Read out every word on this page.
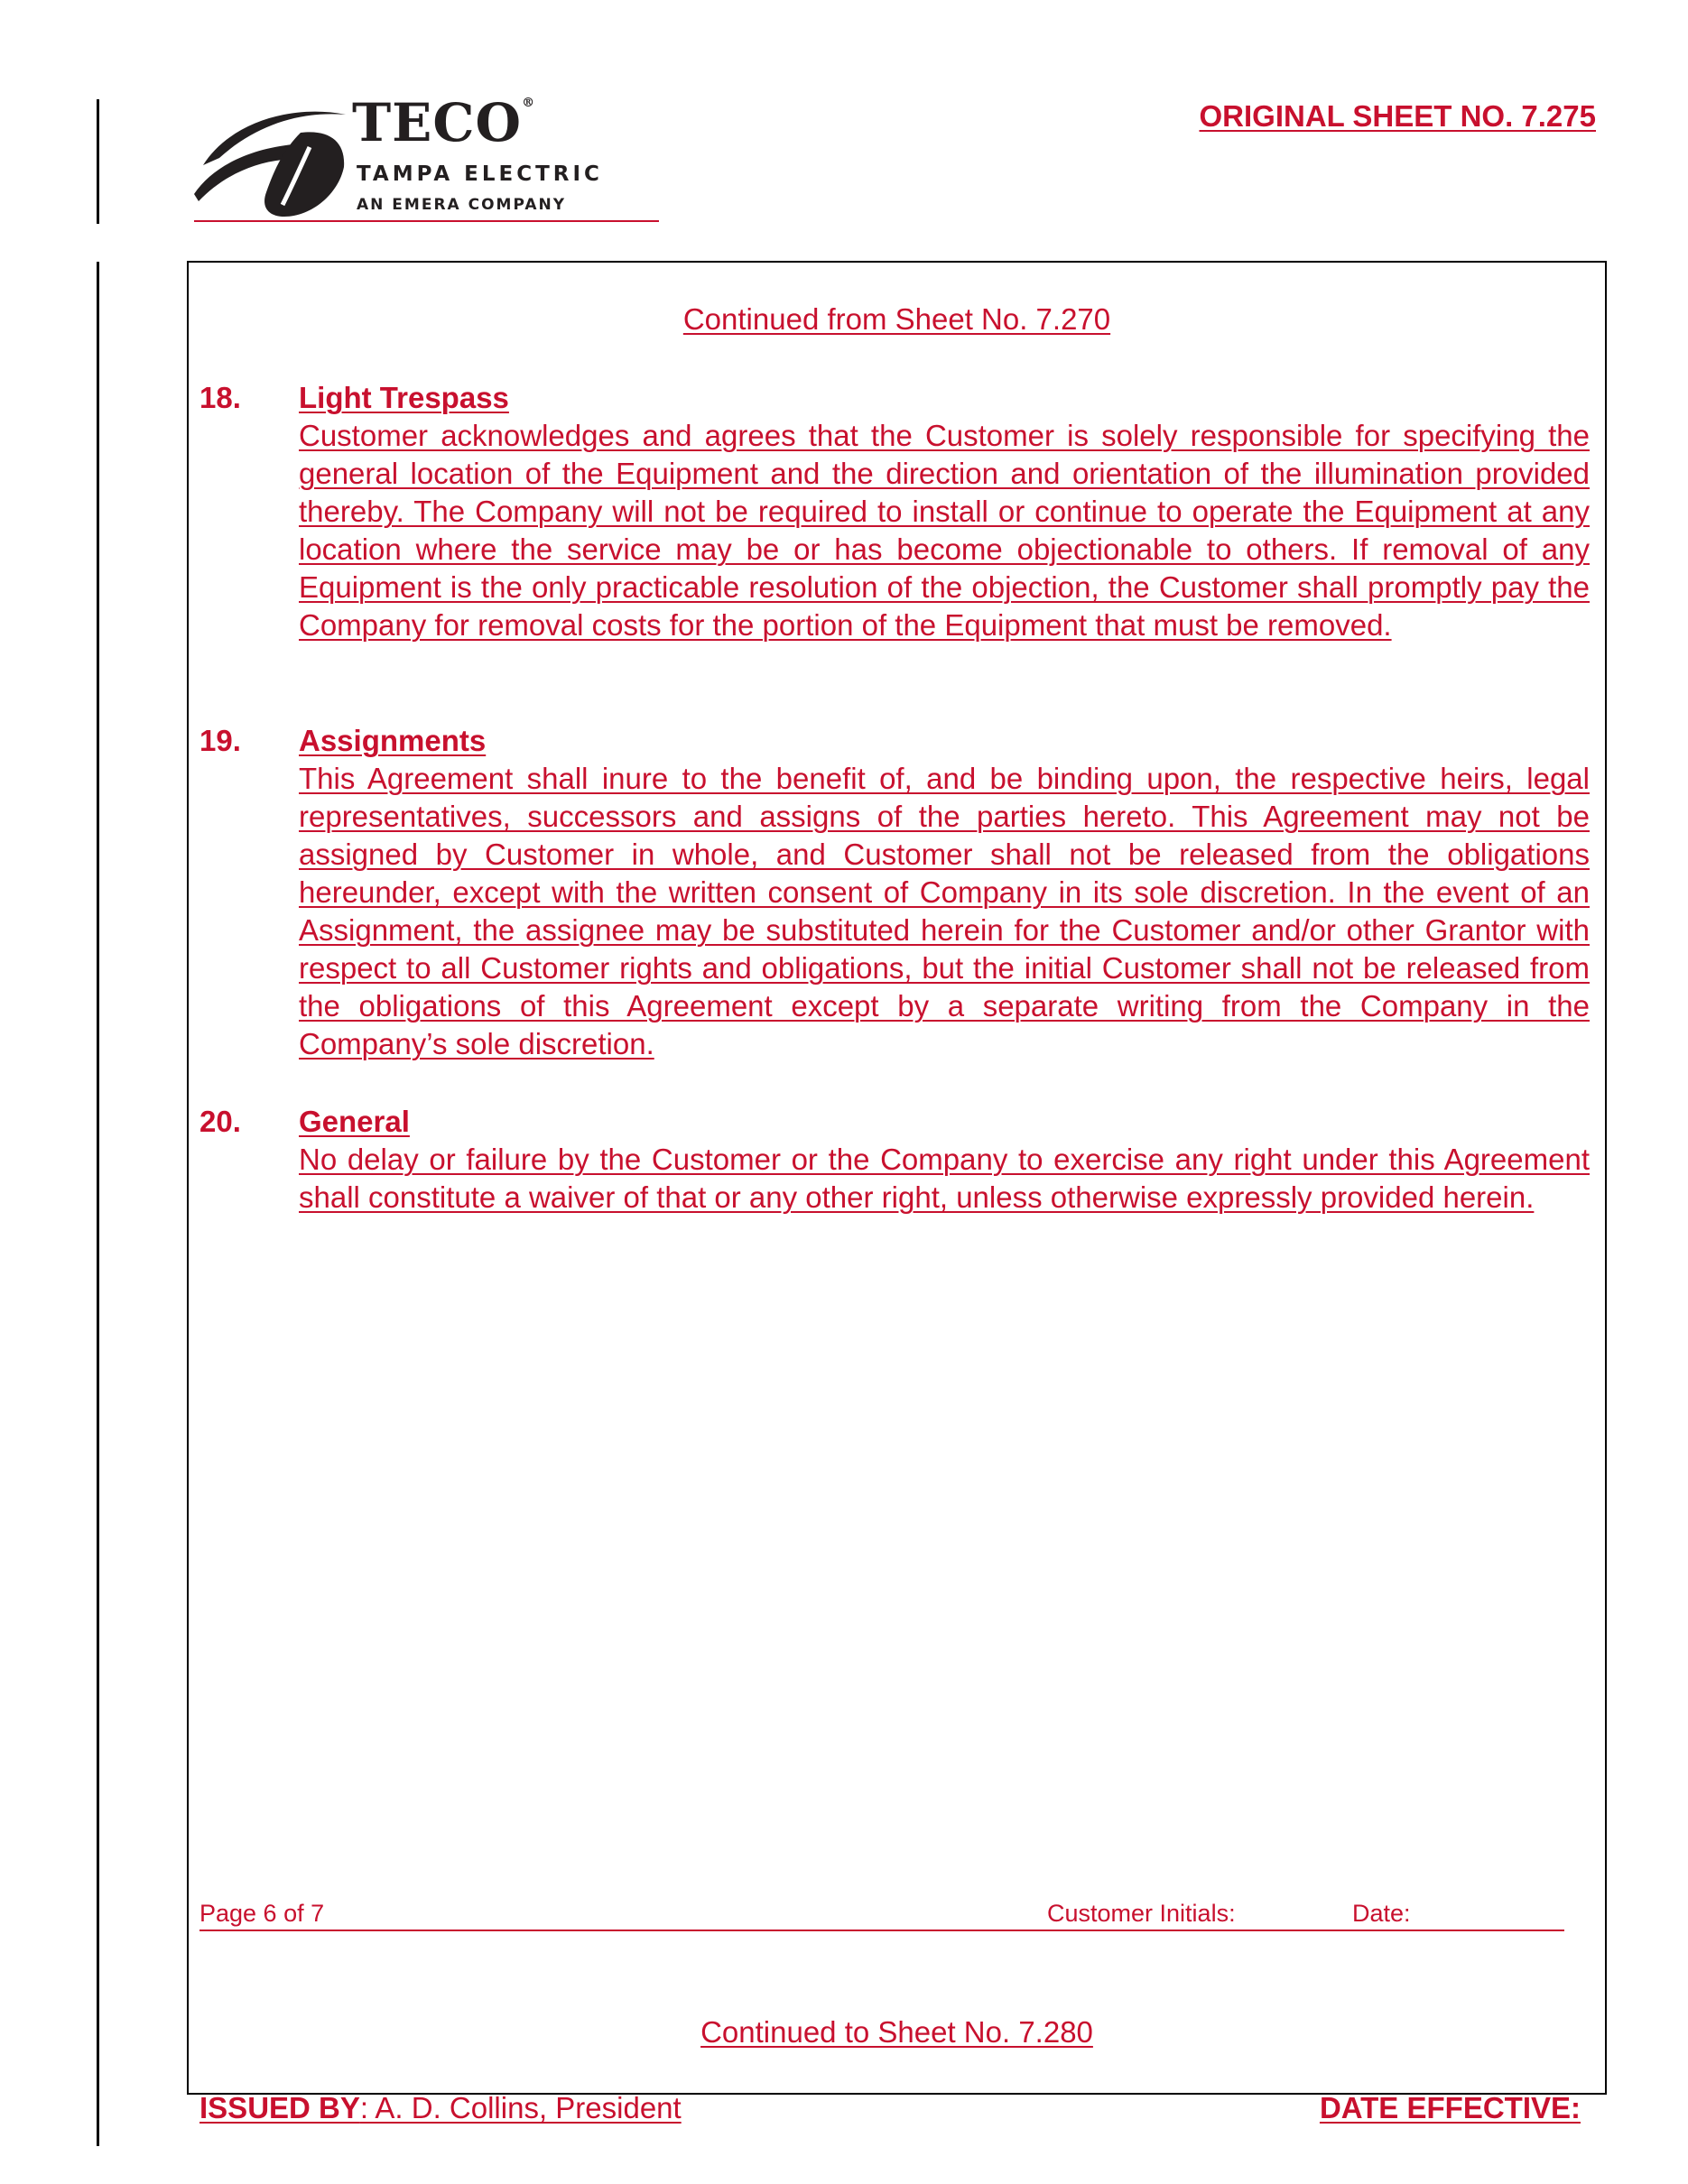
TECO®
TAMPA ELECTRIC
AN EMERA COMPANY
ORIGINAL SHEET NO. 7.275
Continued from Sheet No. 7.270
18. Light Trespass
Customer acknowledges and agrees that the Customer is solely responsible for specifying the general location of the Equipment and the direction and orientation of the illumination provided thereby. The Company will not be required to install or continue to operate the Equipment at any location where the service may be or has become objectionable to others. If removal of any Equipment is the only practicable resolution of the objection, the Customer shall promptly pay the Company for removal costs for the portion of the Equipment that must be removed.
19. Assignments
This Agreement shall inure to the benefit of, and be binding upon, the respective heirs, legal representatives, successors and assigns of the parties hereto. This Agreement may not be assigned by Customer in whole, and Customer shall not be released from the obligations hereunder, except with the written consent of Company in its sole discretion. In the event of an Assignment, the assignee may be substituted herein for the Customer and/or other Grantor with respect to all Customer rights and obligations, but the initial Customer shall not be released from the obligations of this Agreement except by a separate writing from the Company in the Company’s sole discretion.
20. General
No delay or failure by the Customer or the Company to exercise any right under this Agreement shall constitute a waiver of that or any other right, unless otherwise expressly provided herein.
Page 6 of 7	Customer Initials:	Date:
Continued to Sheet No. 7.280
ISSUED BY: A. D. Collins, President	DATE EFFECTIVE:
